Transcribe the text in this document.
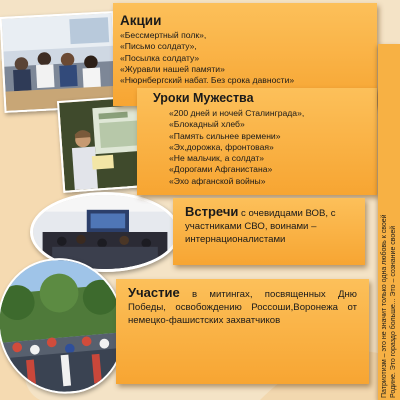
Акции
«Бессмертный полк»,
«Письмо солдату»,
«Посылка солдату»
«Журавли нашей памяти»
«Нюрнбергский набат. Без срока давности»
Уроки Мужества
«200 дней и ночей Сталинграда»,
«Блокадный хлеб»
«Память сильнее времени»
«Эх,дорожка, фронтовая»
«Не мальчик, а солдат»
«Дорогами Афганистана»
«Эхо афганской войны»

Встречи с очевидцами ВОВ, с участниками СВО, воинами – интернационалистами

Участие в митингах, посвященных Дню Победы, освобождению Россоши,Воронежа от немецко-фашистских захватчиков	Патриотизм – это не значит только одна любовь к своей Родине. Это гораздо больше... Это – сознание своей
